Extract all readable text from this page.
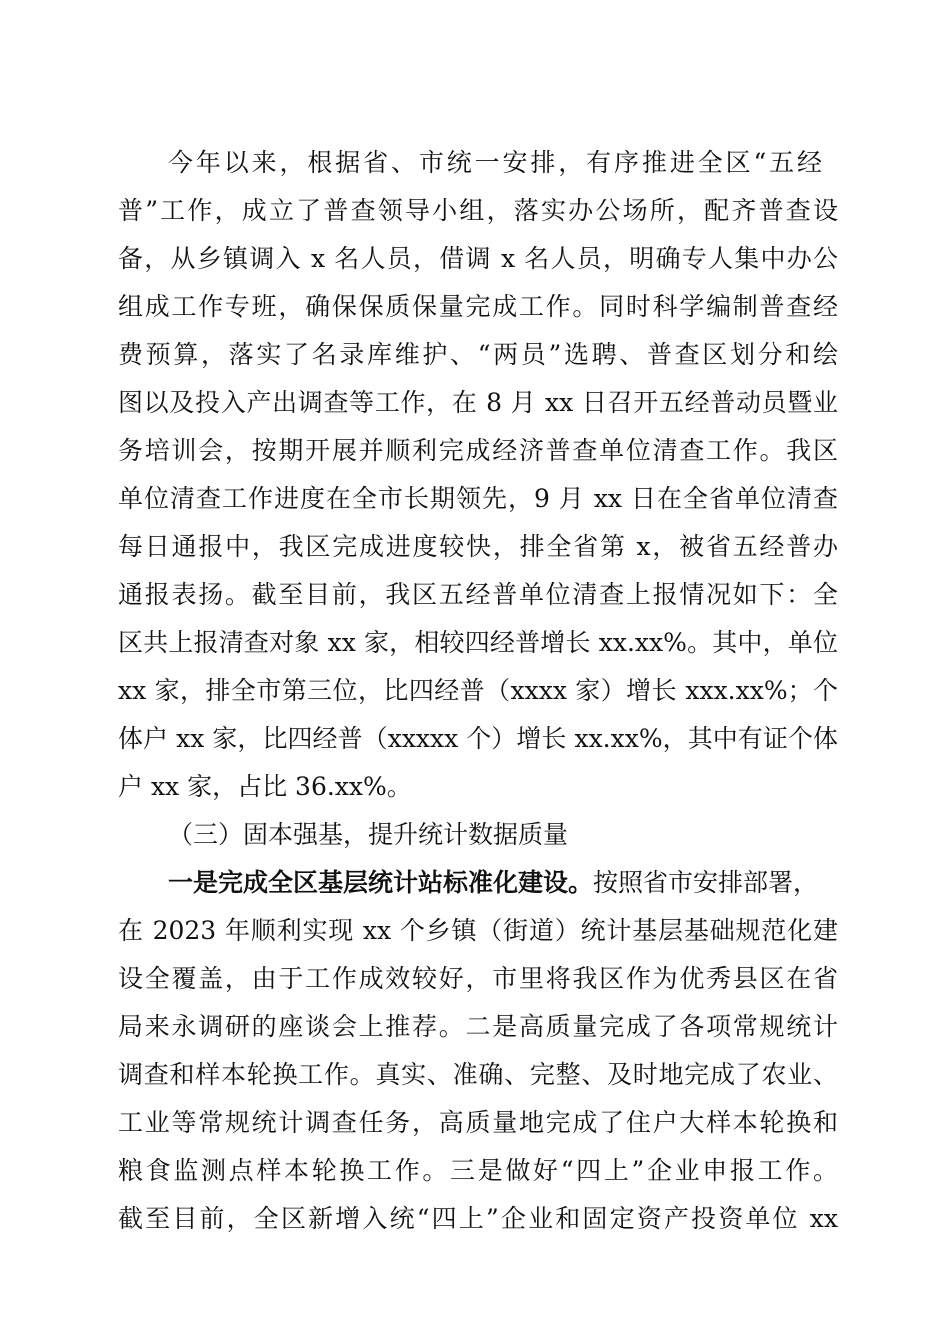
今年以来，根据省、市统一安排，有序推进全区“五经
普”工作，成立了普查领导小组，落实办公场所，配齐普查设
备，从乡镇调入 x 名人员，借调 x 名人员，明确专人集中办公
组成工作专班，确保保质保量完成工作。同时科学编制普查经
费预算，落实了名录库维护、“两员”选聘、普查区划分和绘
图以及投入产出调查等工作，在 8 月 xx 日召开五经普动员暨业
务培训会，按期开展并顺利完成经济普查单位清查工作。我区
单位清查工作进度在全市长期领先，9 月 xx 日在全省单位清查
每日通报中，我区完成进度较快，排全省第 x，被省五经普办
通报表扬。截至目前，我区五经普单位清查上报情况如下：全
区共上报清查对象 xx 家，相较四经普增长 xx.xx%。其中，单位
xx 家，排全市第三位，比四经普（xxxx 家）增长 xxx.xx%；个
体户 xx 家，比四经普（xxxxx 个）增长 xx.xx%，其中有证个体
户 xx 家，占比 36.xx%。
（三）固本强基，提升统计数据质量
一是完成全区基层统计站标准化建设。按照省市安排部署，
在 2023 年顺利实现 xx 个乡镇（街道）统计基层基础规范化建
设全覆盖，由于工作成效较好，市里将我区作为优秀县区在省
局来永调研的座谈会上推荐。二是高质量完成了各项常规统计
调查和样本轮换工作。真实、准确、完整、及时地完成了农业、
工业等常规统计调查任务，高质量地完成了住户大样本轮换和
粮食监测点样本轮换工作。三是做好“四上”企业申报工作。
截至目前，全区新增入统“四上”企业和固定资产投资单位 xx
